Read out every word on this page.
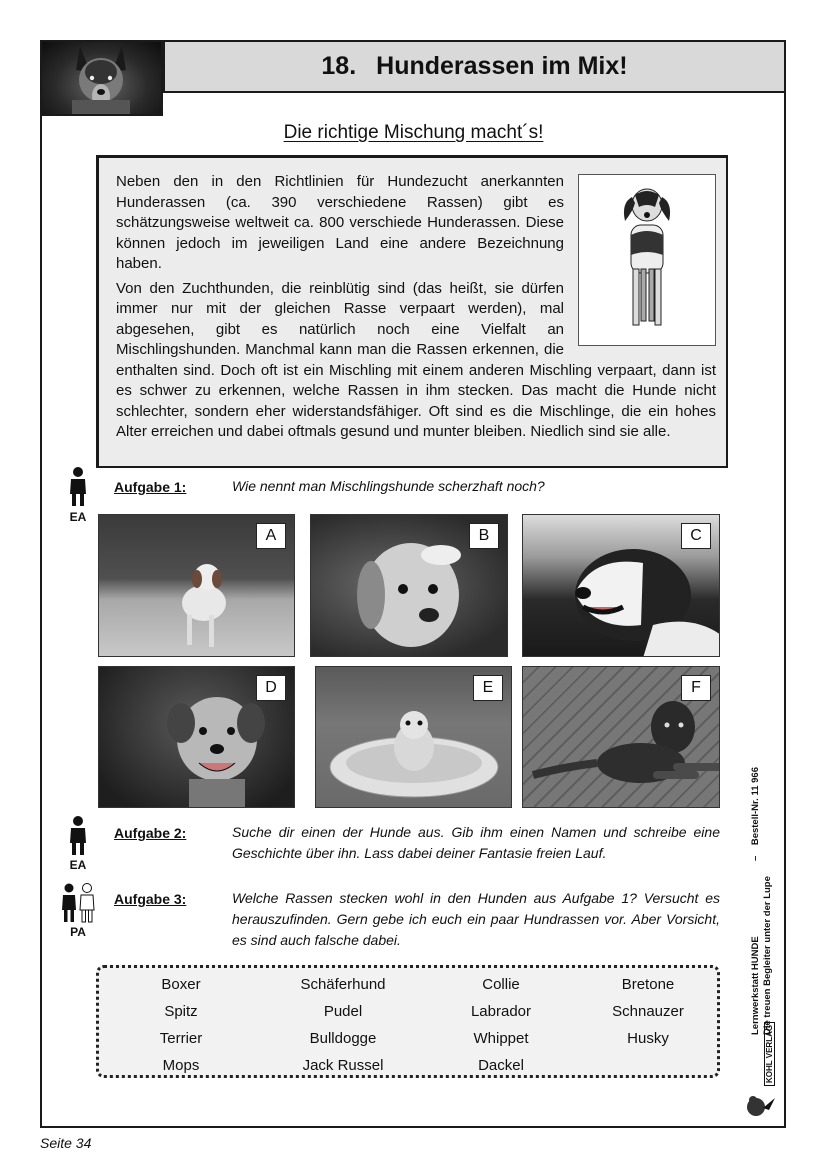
18. Hunderassen im Mix!
Die richtige Mischung macht´s!

Neben den in den Richtlinien für Hundezucht anerkannten Hunderassen (ca. 390 verschiedene Rassen) gibt es schätzungsweise weltweit ca. 800 verschiede Hunderassen. Diese können jedoch im jeweiligen Land eine andere Bezeichnung haben.

Von den Zuchthunden, die reinblütig sind (das heißt, sie dürfen immer nur mit der gleichen Rasse verpaart werden), mal abgesehen, gibt es natürlich noch eine Vielfalt an Mischlingshunden. Manchmal kann man die Rassen erkennen, die enthalten sind. Doch oft ist ein Mischling mit einem anderen Mischling verpaart, dann ist es schwer zu erkennen, welche Rassen in ihm stecken. Das macht die Hunde nicht schlechter, sondern eher widerstandsfähiger. Oft sind es die Mischlinge, die ein hohes Alter erreichen und dabei oftmals gesund und munter bleiben. Niedlich sind sie alle.

EA
Aufgabe 1:	Wie nennt man Mischlingshunde scherzhaft noch?
A	B	C
D	E	F
EA
Aufgabe 2:	Suche dir einen der Hunde aus. Gib ihm einen Namen und schreibe eine Geschichte über ihn. Lass dabei deiner Fantasie freien Lauf.
PA
Aufgabe 3:	Welche Rassen stecken wohl in den Hunden aus Aufgabe 1? Versucht es herauszufinden. Gern gebe ich euch ein paar Hundrassen vor. Aber Vorsicht, es sind auch falsche dabei.
Boxer	Schäferhund	Collie	Bretone
Spitz	Pudel	Labrador	Schnauzer
Terrier	Bulldogge	Whippet	Husky
Mops	Jack Russel	Dackel
Lernwerkstatt HUNDE
–    Bestell-Nr. 11 966
Die treuen Begleiter unter der Lupe
KOHL VERLAG
Seite 34
